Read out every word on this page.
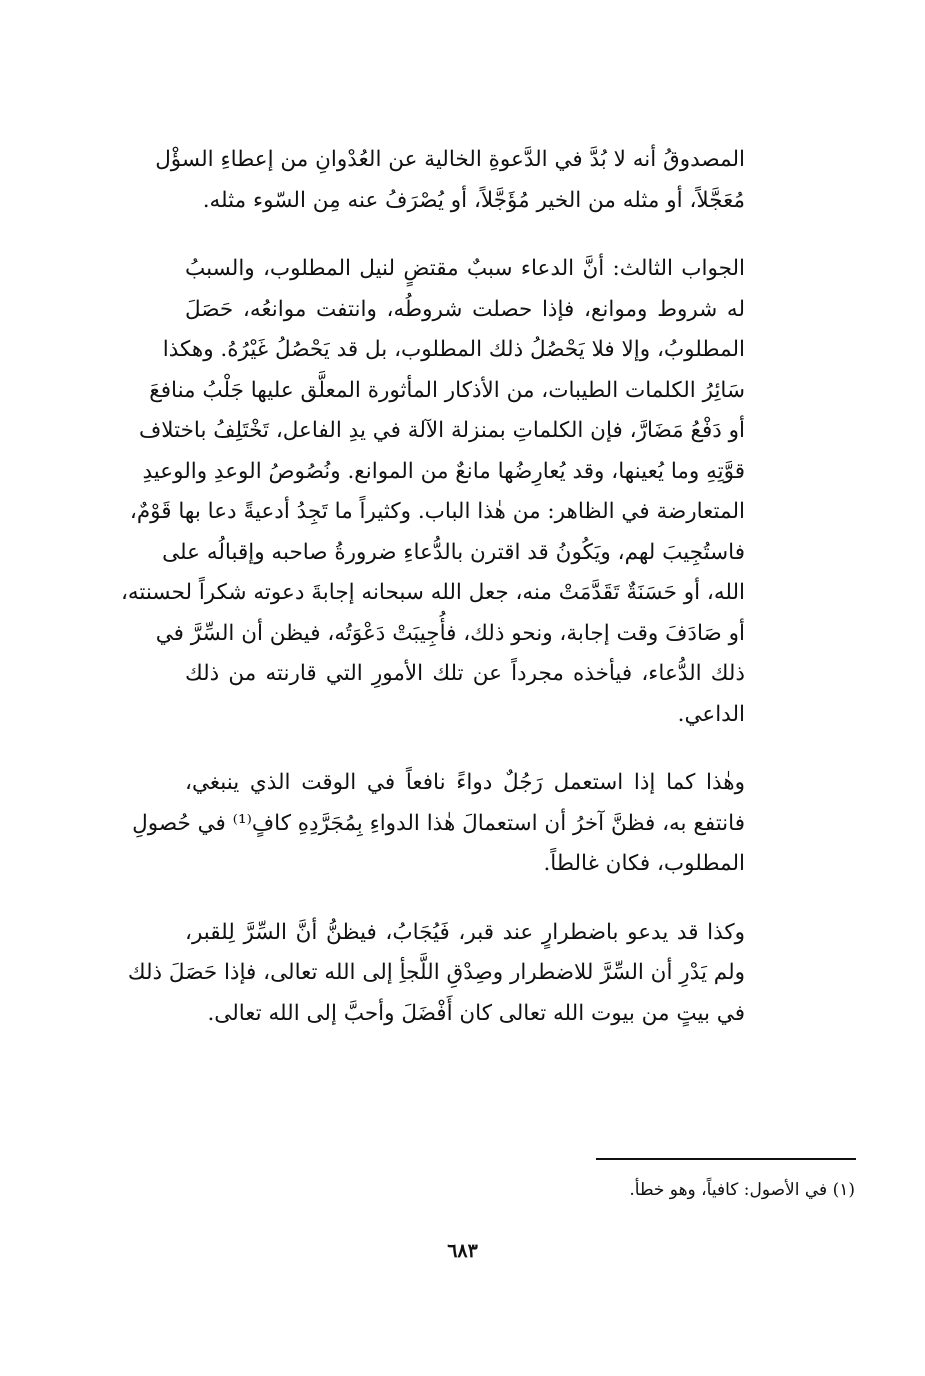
المصدوقُ أنه لا بُدَّ في الدَّعوةِ الخالية عن العُدْوانِ من إعطاءِ السؤْل
مُعَجَّلاً، أو مثله من الخير مُؤَجَّلاً، أو يُصْرَفُ عنه مِن السّوء مثله.

الجواب الثالث: أنَّ الدعاء سببٌ مقتضٍ لنيل المطلوب، والسببُ
له شروط وموانع، فإذا حصلت شروطُه، وانتفت موانعُه، حَصَلَ
المطلوبُ، وإلا فلا يَحْصُلُ ذلك المطلوب، بل قد يَحْصُلُ غَيْرُهُ. وهكذا
سَائِرُ الكلمات الطيبات، من الأذكار المأثورة المعلَّق عليها جَلْبُ منافعَ
أو دَفْعُ مَضَارَّ، فإن الكلماتِ بمنزلة الآلة في يدِ الفاعل، تَخْتَلِفُ باختلاف
قوَّتِهِ وما يُعينها، وقد يُعارِضُها مانعٌ من الموانع. ونُصُوصُ الوعدِ والوعيدِ
المتعارضة في الظاهر: من هٰذا الباب. وكثيراً ما تَجِدُ أدعيةً دعا بها قَوْمٌ،
فاستُجِيبَ لهم، ويَكُونُ قد اقترن بالدُّعاءِ ضرورةُ صاحبه وإقبالُه على
الله، أو حَسَنَةٌ تَقَدَّمَتْ منه، جعل الله سبحانه إجابةَ دعوته شكراً لحسنته،
أو صَادَفَ وقت إجابة، ونحو ذلك، فأُجِيبَتْ دَعْوَتُه، فيظن أن السِّرَّ في
ذلك الدُّعاء، فيأخذه مجرداً عن تلك الأمورِ التي قارنته من ذلك
الداعي.

وهٰذا كما إذا استعمل رَجُلٌ دواءً نافعاً في الوقت الذي ينبغي،
فانتفع به، فظنَّ آخرُ أن استعمالَ هٰذا الدواءِ بِمُجَرَّدِهِ كافٍ⁽¹⁾ في حُصولِ
المطلوب، فكان غالطاً.

وكذا قد يدعو باضطرارٍ عند قبر، فَيُجَابُ، فيظنُّ أنَّ السِّرَّ لِلقبر،
ولم يَدْرِ أن السِّرَّ للاضطرار وصِدْقِ اللَّجأِ إلى الله تعالى، فإذا حَصَلَ ذلك
في بيتٍ من بيوت الله تعالى كان أَفْضَلَ وأحبَّ إلى الله تعالى.

(١) في الأصول: كافياً، وهو خطأ.
٦٨٣
